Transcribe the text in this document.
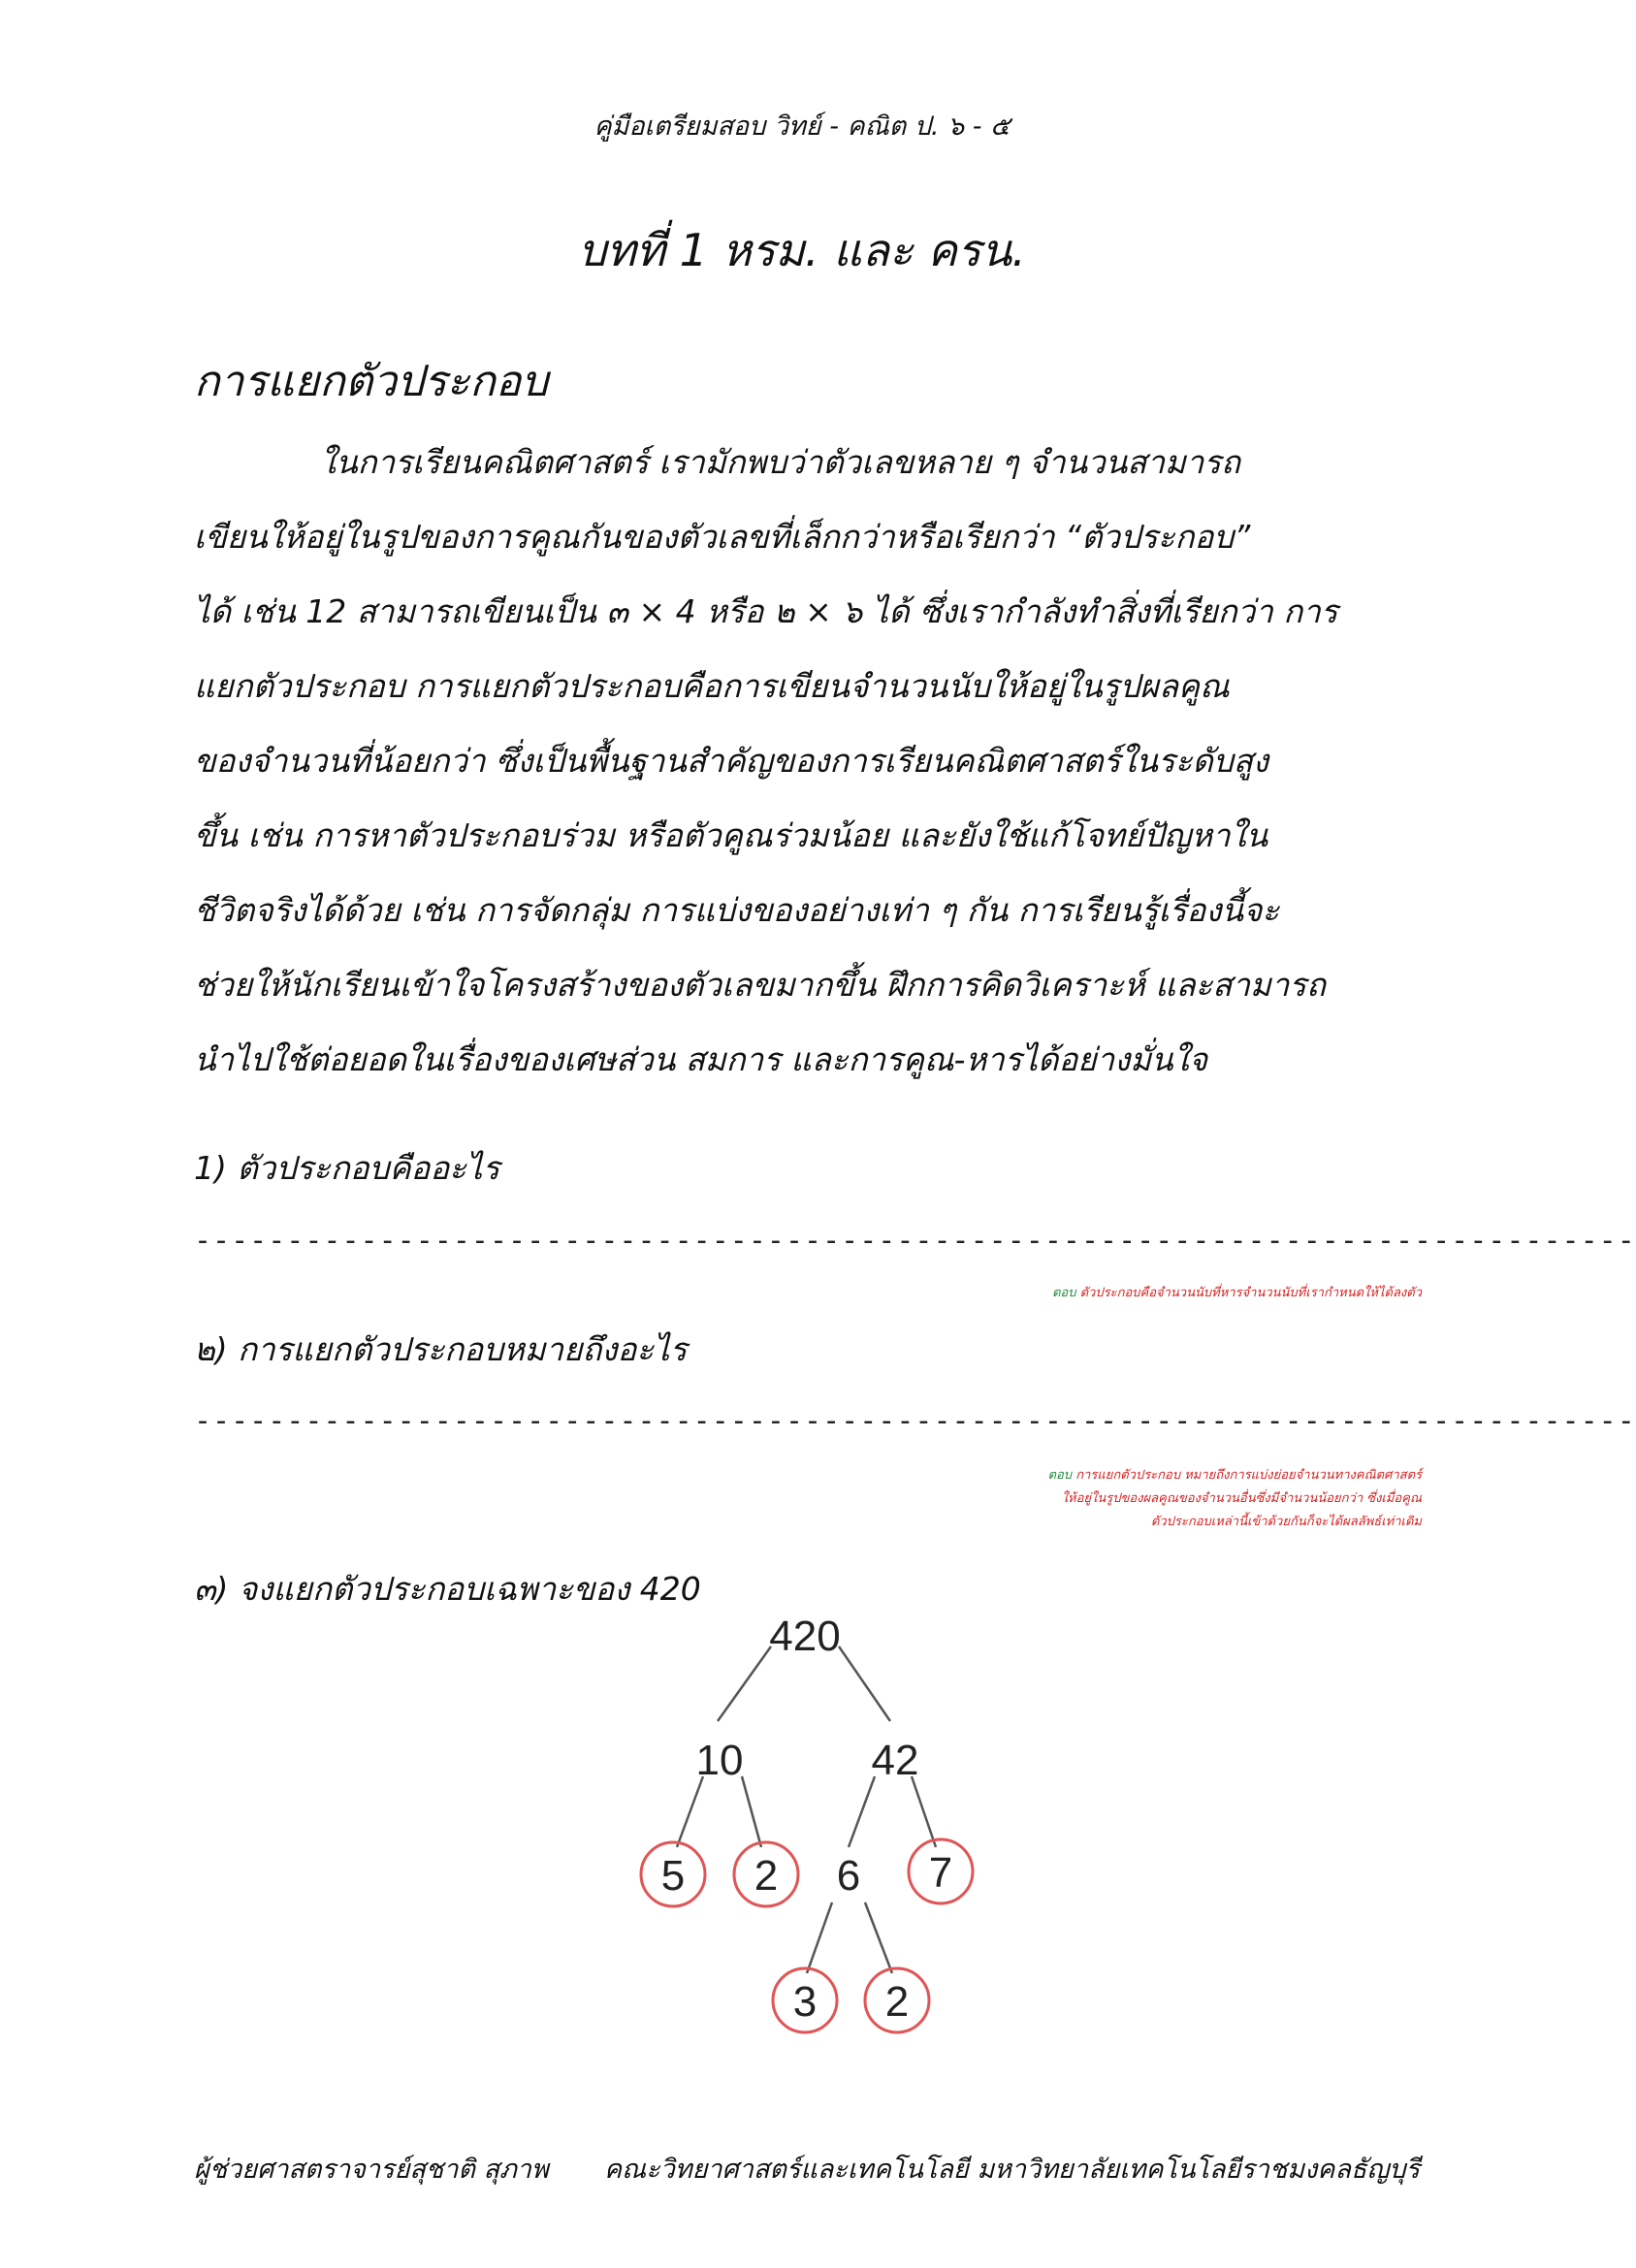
คู่มือเตรียมสอบ วิทย์ - คณิต ป. ๖ - ๕
บทที่ 1 หรม. และ ครน.
การแยกตัวประกอบ
ในการเรียนคณิตศาสตร์ เรามักพบว่าตัวเลขหลาย ๆ จำนวนสามารถ
เขียนให้อยู่ในรูปของการคูณกันของตัวเลขที่เล็กกว่าหรือเรียกว่า “ตัวประกอบ”
ได้ เช่น 12 สามารถเขียนเป็น ๓ × 4 หรือ ๒ × ๖ ได้ ซึ่งเรากำลังทำสิ่งที่เรียกว่า การ
แยกตัวประกอบ การแยกตัวประกอบคือการเขียนจำนวนนับให้อยู่ในรูปผลคูณ
ของจำนวนที่น้อยกว่า ซึ่งเป็นพื้นฐานสำคัญของการเรียนคณิตศาสตร์ในระดับสูง
ขึ้น เช่น การหาตัวประกอบร่วม หรือตัวคูณร่วมน้อย และยังใช้แก้โจทย์ปัญหาใน
ชีวิตจริงได้ด้วย เช่น การจัดกลุ่ม การแบ่งของอย่างเท่า ๆ กัน การเรียนรู้เรื่องนี้จะ
ช่วยให้นักเรียนเข้าใจโครงสร้างของตัวเลขมากขึ้น ฝึกการคิดวิเคราะห์ และสามารถ
นำไปใช้ต่อยอดในเรื่องของเศษส่วน สมการ และการคูณ-หารได้อย่างมั่นใจ
1) ตัวประกอบคืออะไร
------------------------------------------------------------------------------
ตอบ ตัวประกอบคือจำนวนนับที่หารจำนวนนับที่เรากำหนดให้ได้ลงตัว
๒) การแยกตัวประกอบหมายถึงอะไร
------------------------------------------------------------------------------
ตอบ การแยกตัวประกอบ หมายถึงการแบ่งย่อยจำนวนทางคณิตศาสตร์
ให้อยู่ในรูปของผลคูณของจำนวนอื่นซึ่งมีจำนวนน้อยกว่า ซึ่งเมื่อคูณ
ตัวประกอบเหล่านี้เข้าด้วยกันก็จะได้ผลลัพธ์เท่าเดิม
๓) จงแยกตัวประกอบเฉพาะของ 420
420
10	42
5 2 6 7
3 2
ผู้ช่วยศาสตราจารย์สุชาติ สุภาพ คณะวิทยาศาสตร์และเทคโนโลยี มหาวิทยาลัยเทคโนโลยีราชมงคลธัญบุรี
